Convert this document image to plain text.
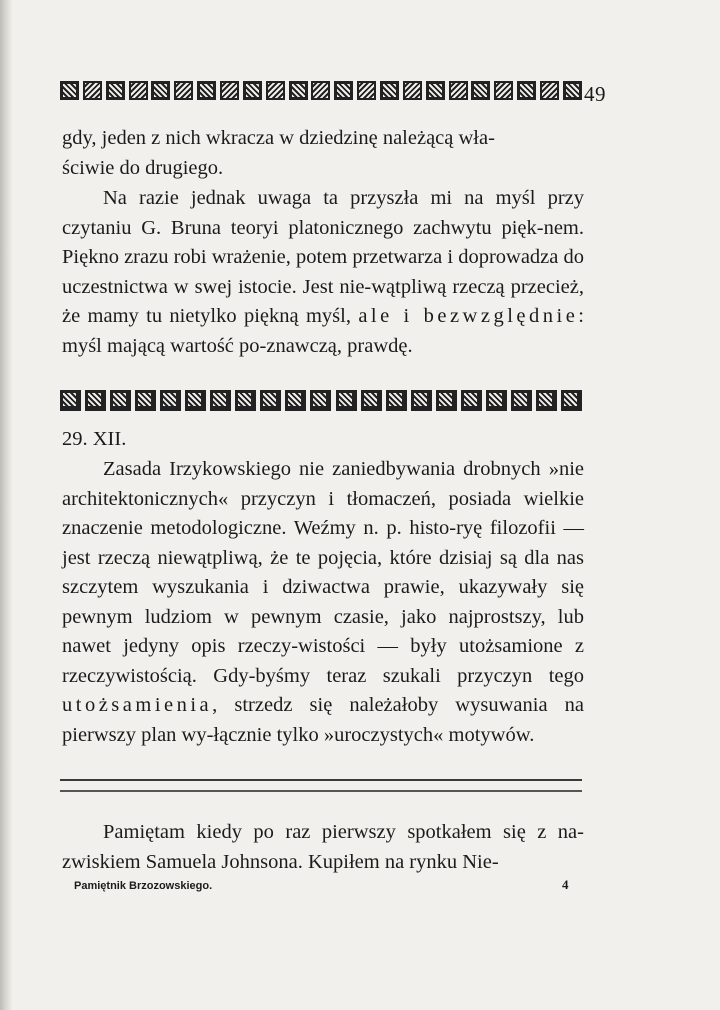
49

gdy, jeden z nich wkracza w dziedzinę należącą wła-
ściwie do drugiego.

Na razie jednak uwaga ta przyszła mi na myśl przy czytaniu G. Bruna teoryi platonicznego zachwytu pięk-nem. Piękno zrazu robi wrażenie, potem przetwarza i doprowadza do uczestnictwa w swej istocie. Jest nie-wątpliwą rzeczą przecież, że mamy tu nietylko piękną myśl, ale i bezwzględnie: myśl mającą wartość po-znawczą, prawdę.

29. XII.

Zasada Irzykowskiego nie zaniedbywania drobnych »nie architektonicznych« przyczyn i tłomaczeń, posiada wielkie znaczenie metodologiczne. Weźmy n. p. histo-ryę filozofii — jest rzeczą niewątpliwą, że te pojęcia, które dzisiaj są dla nas szczytem wyszukania i dziwactwa prawie, ukazywały się pewnym ludziom w pewnym czasie, jako najprostszy, lub nawet jedyny opis rzeczy-wistości — były utożsamione z rzeczywistością. Gdy-byśmy teraz szukali przyczyn tego utożsamienia, strzedz się należałoby wysuwania na pierwszy plan wy-łącznie tylko »uroczystych« motywów.

Pamiętam kiedy po raz pierwszy spotkałem się z na-zwiskiem Samuela Johnsona. Kupiłem na rynku Nie-

Pamiętnik Brzozowskiego.	4
